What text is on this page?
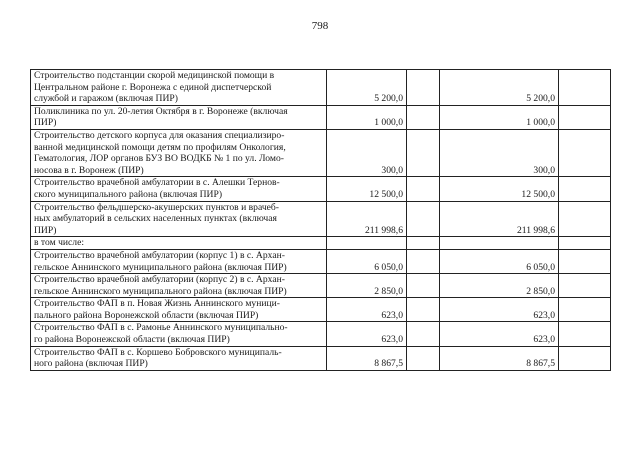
798
Строительство подстанции скорой медицинской помощи в
Центральном районе г. Воронежа с единой диспетчерской
службой и гаражом (включая ПИР)	5 200,0		5 200,0	

Поликлиника по ул. 20-летия Октября в г. Воронеже (включая
ПИР)	1 000,0		1 000,0	

Строительство детского корпуса для оказания специализиро-
ванной медицинской помощи детям по профилям Онкология,
Гематология, ЛОР органов БУЗ ВО ВОДКБ № 1 по ул. Ломо-
носова в г. Воронеж (ПИР)	300,0		300,0	

Строительство врачебной амбулатории в с. Алешки Тернов-
ского муниципального района (включая ПИР)	12 500,0		12 500,0	

Строительство фельдшерско-акушерских пунктов и врачеб-
ных амбулаторий в сельских населенных пунктах (включая
ПИР)	211 998,6		211 998,6	

в том числе:				

Строительство врачебной амбулатории (корпус 1) в с. Архан-
гельское Аннинского муниципального района (включая ПИР)	6 050,0		6 050,0	

Строительство врачебной амбулатории (корпус 2) в с. Архан-
гельское Аннинского муниципального района (включая ПИР)	2 850,0		2 850,0	

Строительство ФАП в п. Новая Жизнь Аннинского муници-
пального района Воронежской области (включая ПИР)	623,0		623,0	

Строительство ФАП в с. Рамонье Аннинского муниципально-
го района Воронежской области (включая ПИР)	623,0		623,0	

Строительство ФАП в с. Коршево Бобровского муниципаль-
ного района (включая ПИР)	8 867,5		8 867,5	
